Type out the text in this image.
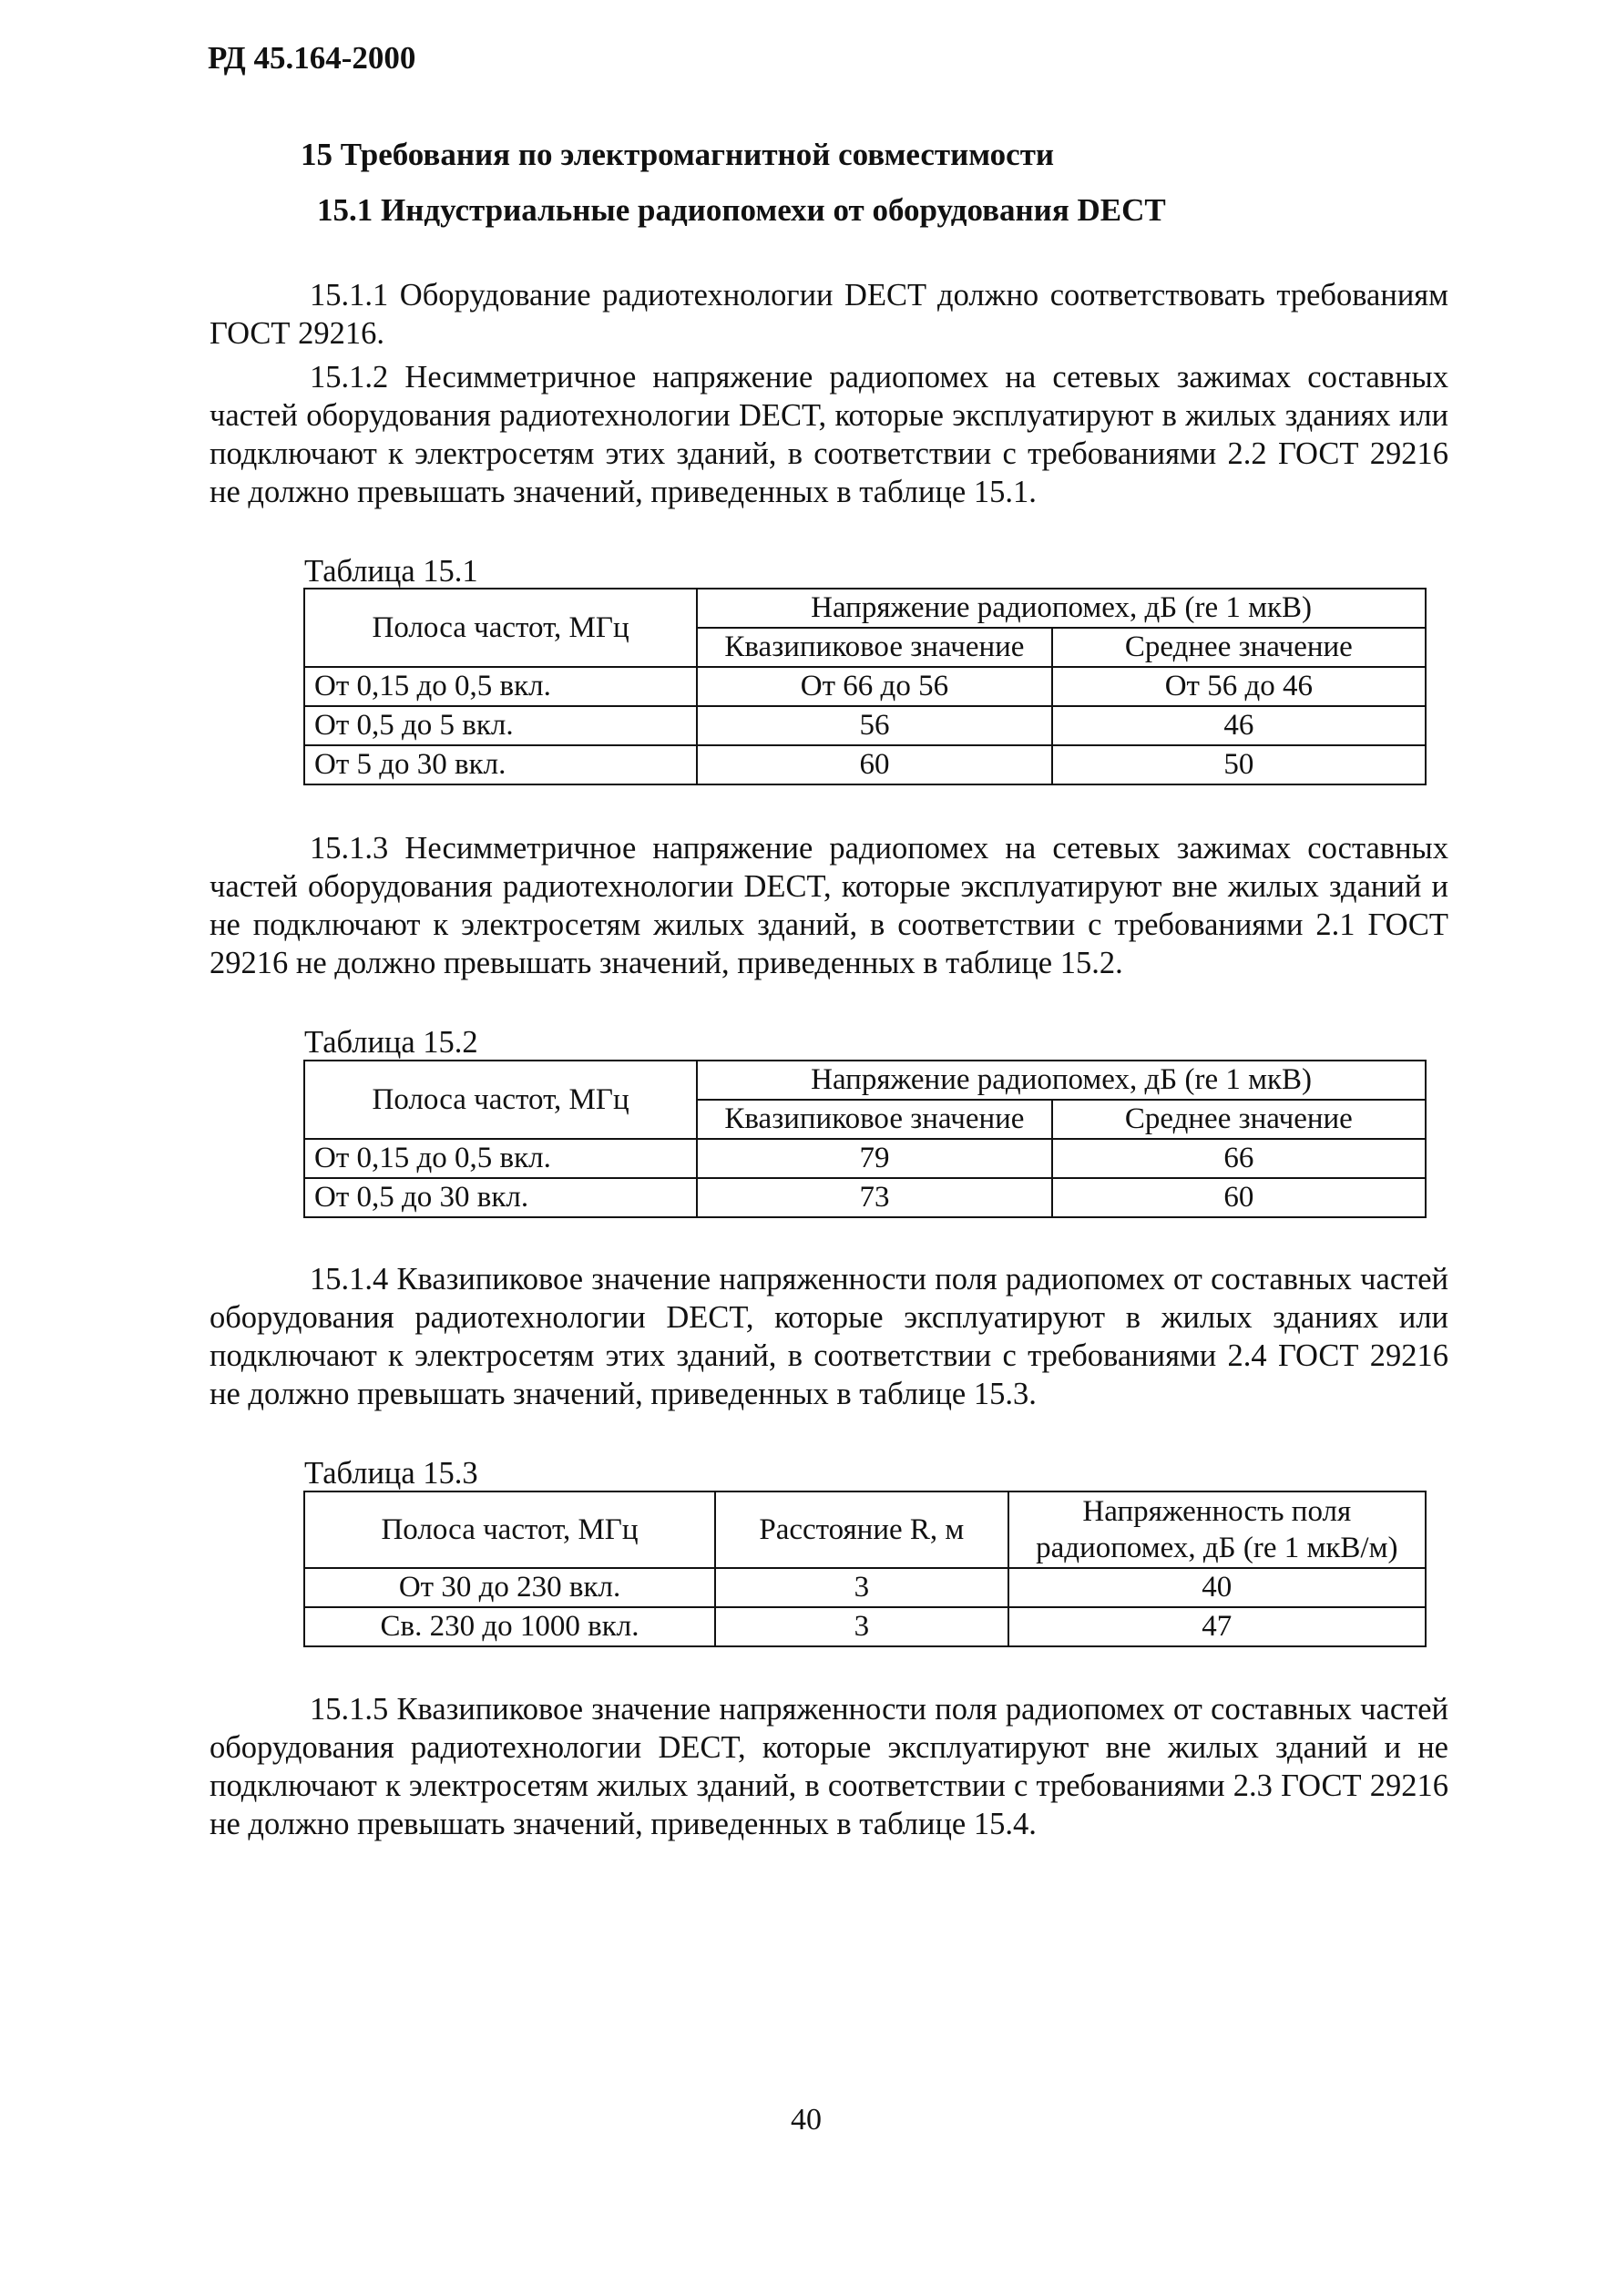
РД 45.164-2000
15 Требования по электромагнитной совместимости
15.1 Индустриальные радиопомехи от оборудования DECT

15.1.1 Оборудование радиотехнологии DECT должно соответствовать требованиям ГОСТ 29216.

15.1.2 Несимметричное напряжение радиопомех на сетевых зажимах составных частей оборудования радиотехнологии DECT, которые эксплуатируют в жилых зданиях или подключают к электросетям этих зданий, в соответствии с требованиями 2.2 ГОСТ 29216 не должно превышать значений, приведенных в таблице 15.1.

Таблица 15.1
Полоса частот, МГц	Напряжение радиопомех, дБ (re 1 мкВ)	
	Квазипиковое значение	Среднее значение
От 0,15 до 0,5 вкл.	От 66 до 56	От 56 до 46
От 0,5 до 5 вкл.	56	46
От 5 до 30 вкл.	60	50

15.1.3 Несимметричное напряжение радиопомех на сетевых зажимах составных частей оборудования радиотехнологии DECT, которые эксплуатируют вне жилых зданий и не подключают к электросетям жилых зданий, в соответствии с требованиями 2.1 ГОСТ 29216 не должно превышать значений, приведенных в таблице 15.2.

Таблица 15.2
Полоса частот, МГц	Напряжение радиопомех, дБ (re 1 мкВ)	
	Квазипиковое значение	Среднее значение
От 0,15 до 0,5 вкл.	79	66
От 0,5 до 30 вкл.	73	60

15.1.4 Квазипиковое значение напряженности поля радиопомех от составных частей оборудования радиотехнологии DECT, которые эксплуатируют в жилых зданиях или подключают к электросетям этих зданий, в соответствии с требованиями 2.4 ГОСТ 29216 не должно превышать значений, приведенных в таблице 15.3.

Таблица 15.3
Полоса частот, МГц	Расстояние R, м	Напряженность поля радиопомех, дБ (re 1 мкВ/м)
От 30 до 230 вкл.	3	40
Св. 230 до 1000 вкл.	3	47

15.1.5 Квазипиковое значение напряженности поля радиопомех от составных частей оборудования радиотехнологии DECT, которые эксплуатируют вне жилых зданий и не подключают к электросетям жилых зданий, в соответствии с требованиями 2.3 ГОСТ 29216 не должно превышать значений, приведенных в таблице 15.4.

40
